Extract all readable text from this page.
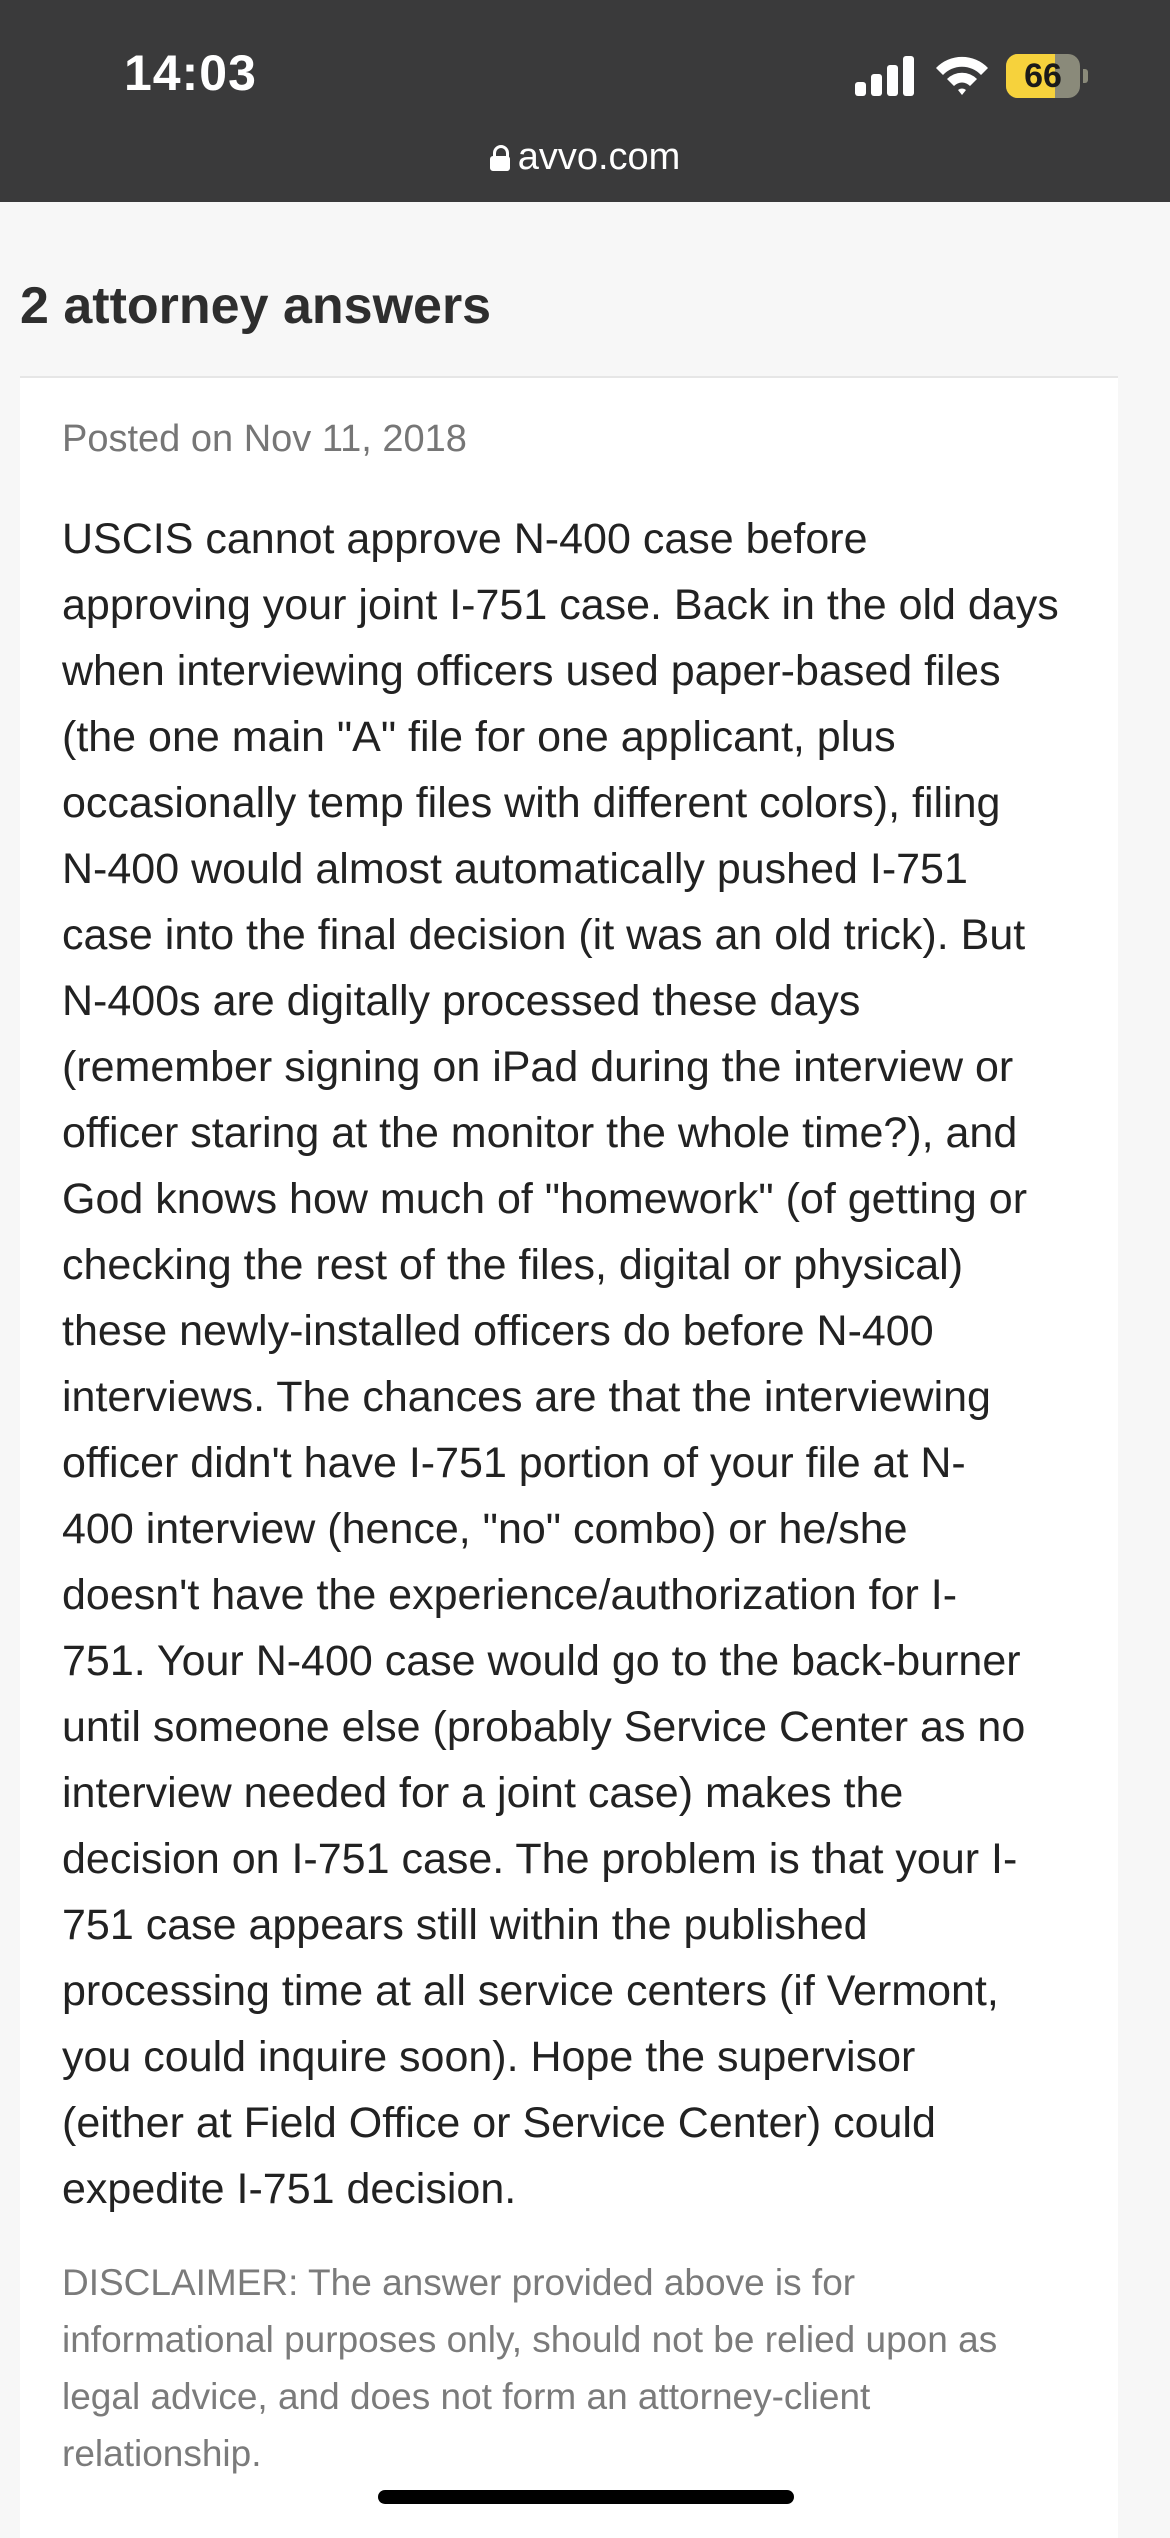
14:03	66
avvo.com
2 attorney answers
Posted on Nov 11, 2018
USCIS cannot approve N-400 case before
approving your joint I-751 case. Back in the old days
when interviewing officers used paper-based files
(the one main "A" file for one applicant, plus
occasionally temp files with different colors), filing
N-400 would almost automatically pushed I-751
case into the final decision (it was an old trick). But
N-400s are digitally processed these days
(remember signing on iPad during the interview or
officer staring at the monitor the whole time?), and
God knows how much of "homework" (of getting or
checking the rest of the files, digital or physical)
these newly-installed officers do before N-400
interviews. The chances are that the interviewing
officer didn't have I-751 portion of your file at N-
400 interview (hence, "no" combo) or he/she
doesn't have the experience/authorization for I-
751. Your N-400 case would go to the back-burner
until someone else (probably Service Center as no
interview needed for a joint case) makes the
decision on I-751 case. The problem is that your I-
751 case appears still within the published
processing time at all service centers (if Vermont,
you could inquire soon). Hope the supervisor
(either at Field Office or Service Center) could
expedite I-751 decision.
DISCLAIMER: The answer provided above is for
informational purposes only, should not be relied upon as
legal advice, and does not form an attorney-client
relationship.
